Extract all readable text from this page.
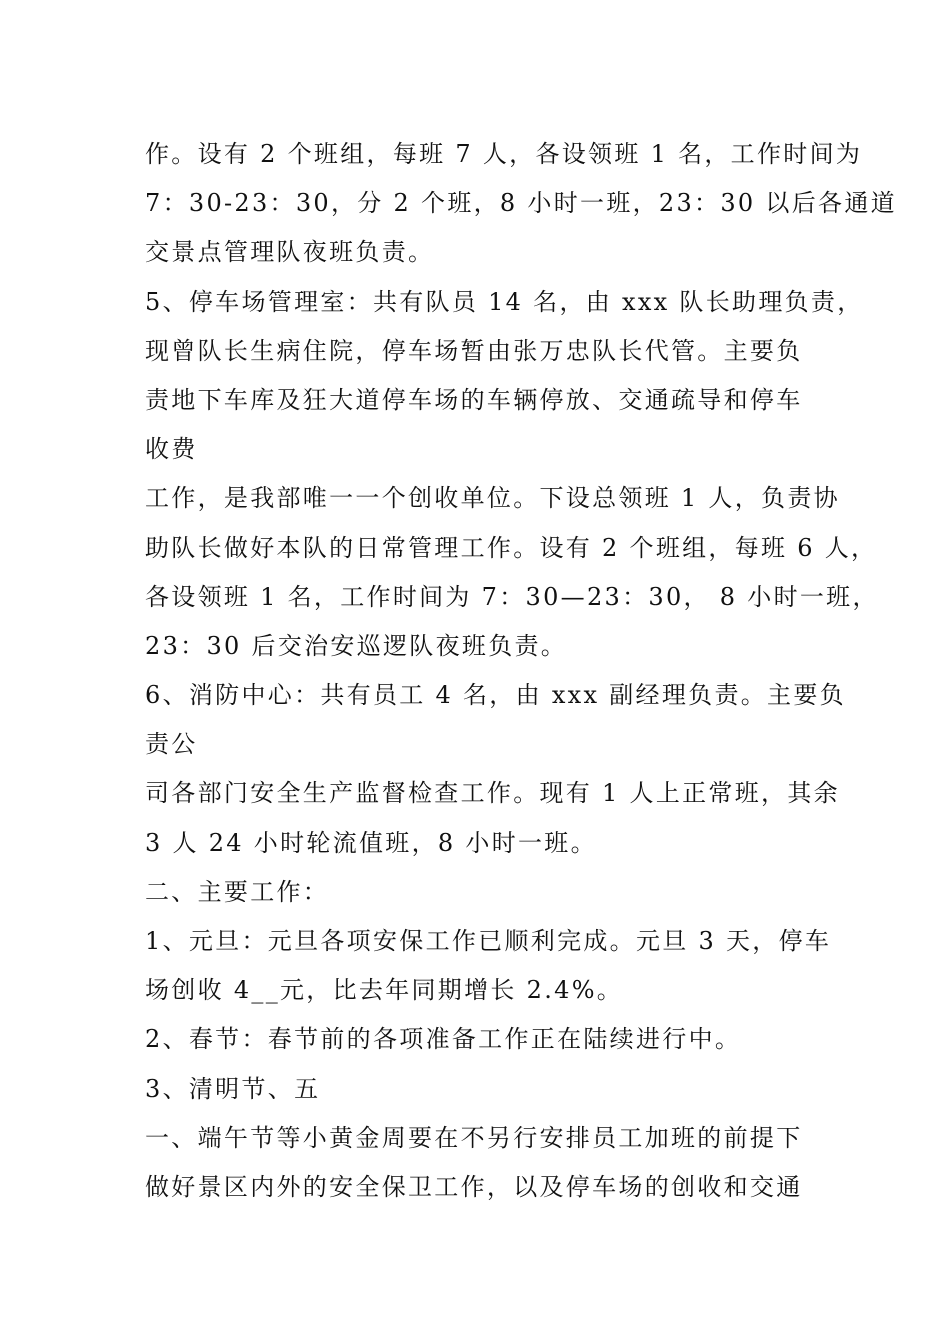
作。设有 2 个班组，每班 7 人，各设领班 1 名，工作时间为
7：30-23：30，分 2 个班，8 小时一班，23：30 以后各通道
交景点管理队夜班负责。
5、停车场管理室：共有队员 14 名，由 xxx 队长助理负责，
现曾队长生病住院，停车场暂由张万忠队长代管。主要负
责地下车库及狂大道停车场的车辆停放、交通疏导和停车
收费
工作，是我部唯一一个创收单位。下设总领班 1 人，负责协
助队长做好本队的日常管理工作。设有 2 个班组，每班 6 人，
各设领班 1 名，工作时间为 7：30—23：30， 8 小时一班，
23：30 后交治安巡逻队夜班负责。
6、消防中心：共有员工 4 名，由 xxx 副经理负责。主要负
责公
司各部门安全生产监督检查工作。现有 1 人上正常班，其余
3 人 24 小时轮流值班，8 小时一班。
二、主要工作：
1、元旦：元旦各项安保工作已顺利完成。元旦 3 天，停车
场创收 4__元，比去年同期增长 2.4%。
2、春节：春节前的各项准备工作正在陆续进行中。
3、清明节、五
一、端午节等小黄金周要在不另行安排员工加班的前提下
做好景区内外的安全保卫工作，以及停车场的创收和交通
